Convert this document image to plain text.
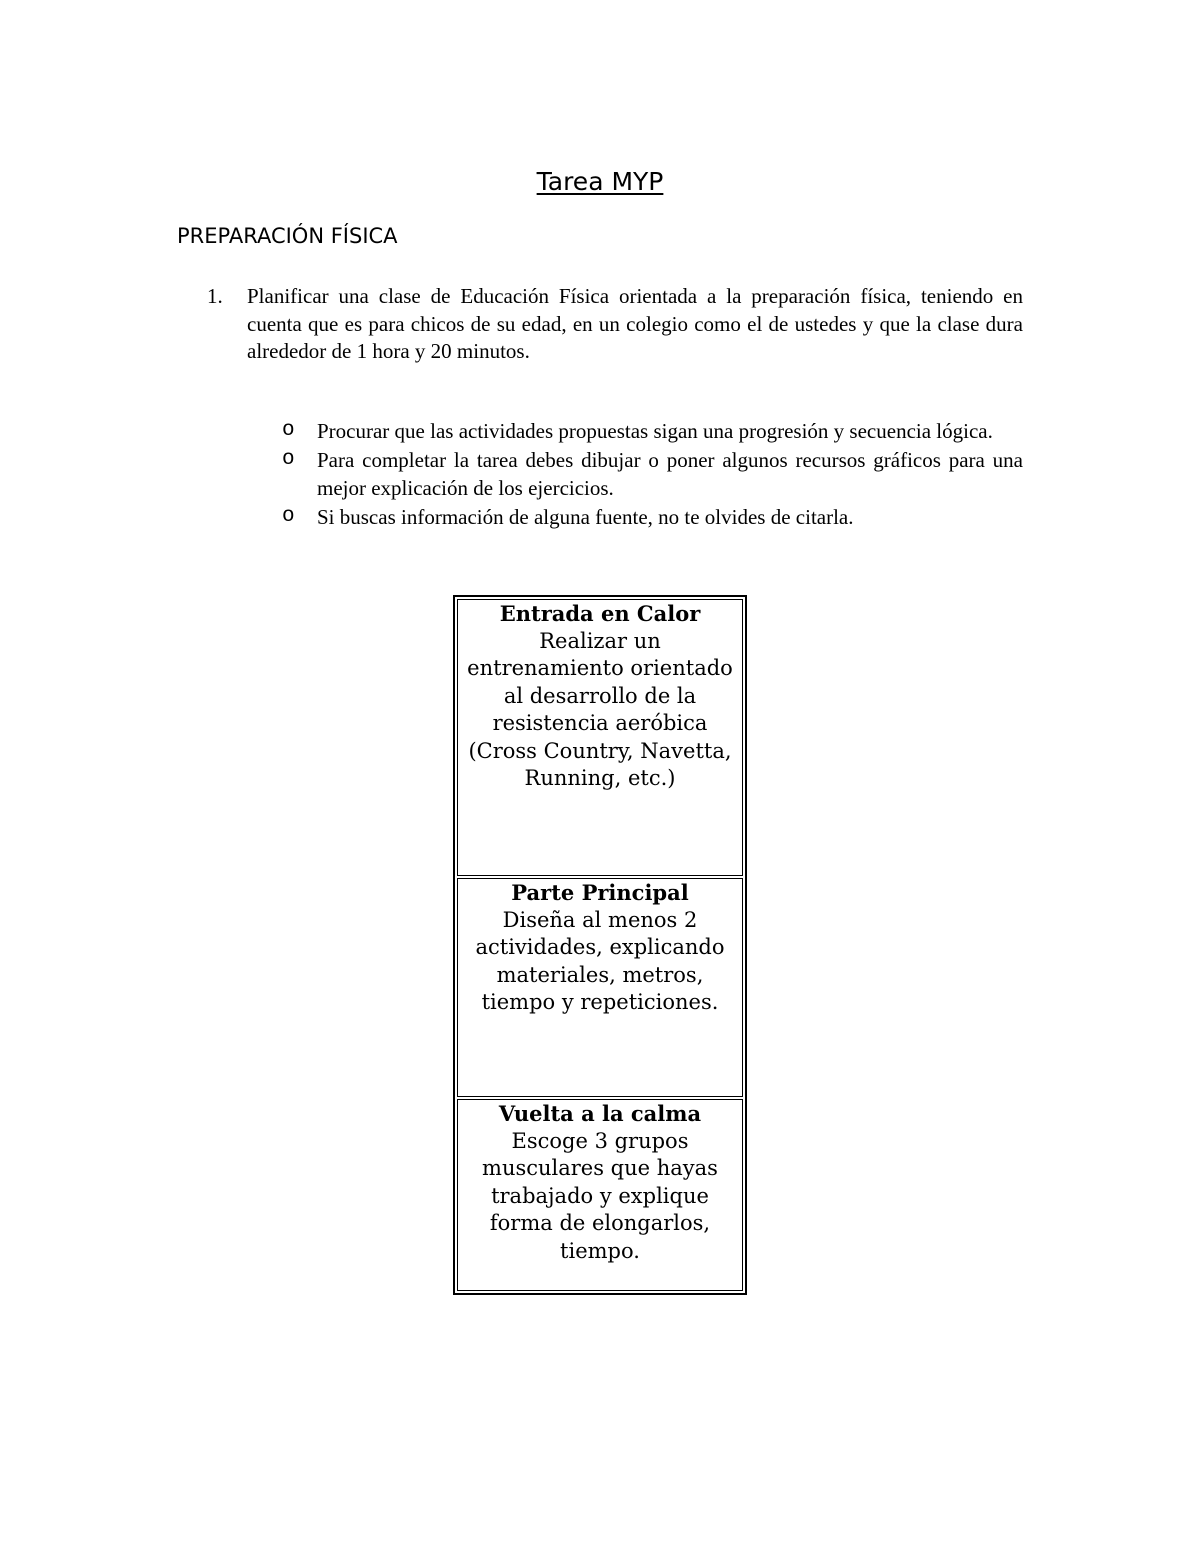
Tarea MYP
PREPARACIÓN FÍSICA
1. Planificar una clase de Educación Física orientada a la preparación física, teniendo en cuenta que es para chicos de su edad, en un colegio como el de ustedes y que la clase dura alrededor de 1 hora y 20 minutos.
o Procurar que las actividades propuestas sigan una progresión y secuencia lógica.
o Para completar la tarea debes dibujar o poner algunos recursos gráficos para una mejor explicación de los ejercicios.
o Si buscas información de alguna fuente, no te olvides de citarla.
Entrada en Calor
Realizar un entrenamiento orientado al desarrollo de la resistencia aeróbica (Cross Country, Navetta, Running, etc.)

Parte Principal
Diseña al menos 2 actividades, explicando materiales, metros, tiempo y repeticiones.

Vuelta a la calma
Escoge 3 grupos musculares que hayas trabajado y explique forma de elongarlos, tiempo.
